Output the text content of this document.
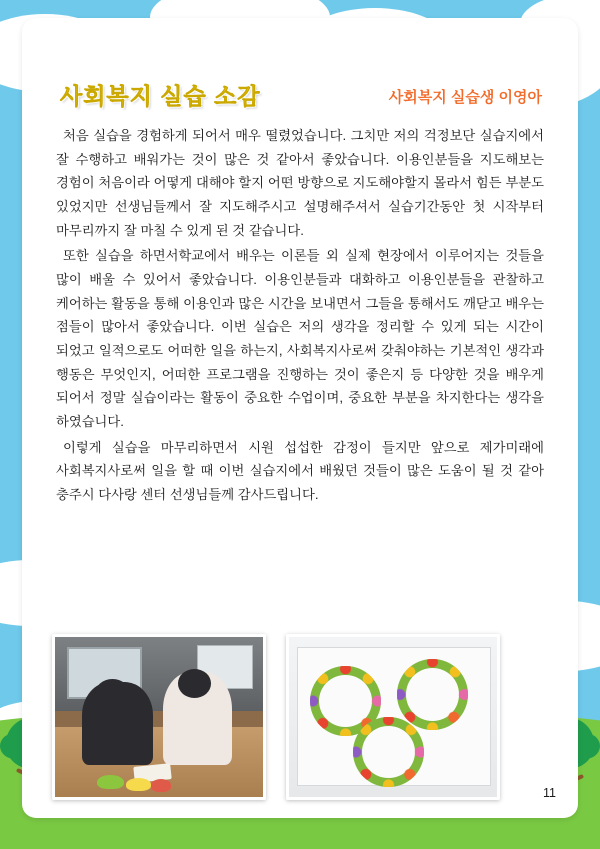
사회복지 실습 소감	사회복지 실습생 이영아

처음 실습을 경험하게 되어서 매우 떨렸었습니다. 그치만 저의 걱정보단 실습지에서 잘 수행하고 배워가는 것이 많은 것 같아서 좋았습니다. 이용인분들을 지도해보는 경험이 처음이라 어떻게 대해야 할지 어떤 방향으로 지도해야할지 몰라서 힘든 부분도 있었지만 선생님들께서 잘 지도해주시고 설명해주셔서 실습기간동안 첫 시작부터 마무리까지 잘 마칠 수 있게 된 것 같습니다.

또한 실습을 하면서학교에서 배우는 이론들 외 실제 현장에서 이루어지는 것들을 많이 배울 수 있어서 좋았습니다. 이용인분들과 대화하고 이용인분들을 관찰하고 케어하는 활동을 통해 이용인과 많은 시간을 보내면서 그들을 통해서도 깨닫고 배우는 점들이 많아서 좋았습니다. 이번 실습은 저의 생각을 정리할 수 있게 되는 시간이 되었고 일적으로도 어떠한 일을 하는지, 사회복지사로써 갖춰야하는 기본적인 생각과 행동은 무엇인지, 어떠한 프로그램을 진행하는 것이 좋은지 등 다양한 것을 배우게 되어서 정말 실습이라는 활동이 중요한 수업이며, 중요한 부분을 차지한다는 생각을 하였습니다.

이렇게 실습을 마무리하면서 시원 섭섭한 감정이 들지만 앞으로 제가미래에 사회복지사로써 일을 할 때 이번 실습지에서 배웠던 것들이 많은 도움이 될 것 같아 충주시 다사랑 센터 선생님들께 감사드립니다.

11
